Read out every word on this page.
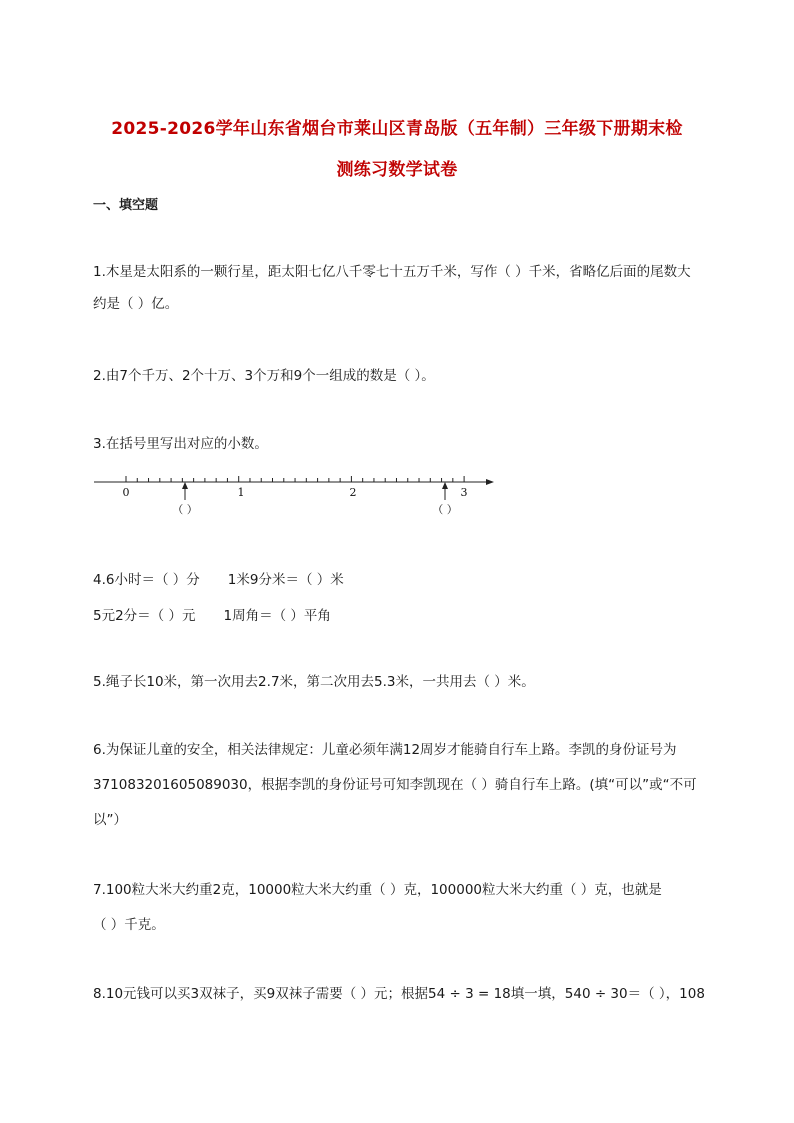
2025-2026学年山东省烟台市莱山区青岛版（五年制）三年级下册期末检
测练习数学试卷
一、填空题
1.木星是太阳系的一颗行星，距太阳七亿八千零七十五万千米，写作（ ）千米，省略亿后面的尾数大约是（ ）亿。
2.由7个千万、2个十万、3个万和9个一组成的数是（ ）。
3.在括号里写出对应的小数。
0	1	2	3
（ ）	（ ）
4.6小时＝（ ）分 1米9分米＝（ ）米
5元2分＝（ ）元 1周角＝（ ）平角
5.绳子长10米，第一次用去2.7米，第二次用去5.3米，一共用去（ ）米。
6.为保证儿童的安全，相关法律规定：儿童必须年满12周岁才能骑自行车上路。李凯的身份证号为
371083201605089030，根据李凯的身份证号可知李凯现在（ ）骑自行车上路。(填“可以”或“不可
以”）
7.100粒大米大约重2克，10000粒大米大约重（ ）克，100000粒大米大约重（ ）克，也就是
（ ）千克。
8.10元钱可以买3双袜子，买9双袜子需要（ ）元；根据54 ÷ 3 = 18填一填，540 ÷ 30＝（ ），108
